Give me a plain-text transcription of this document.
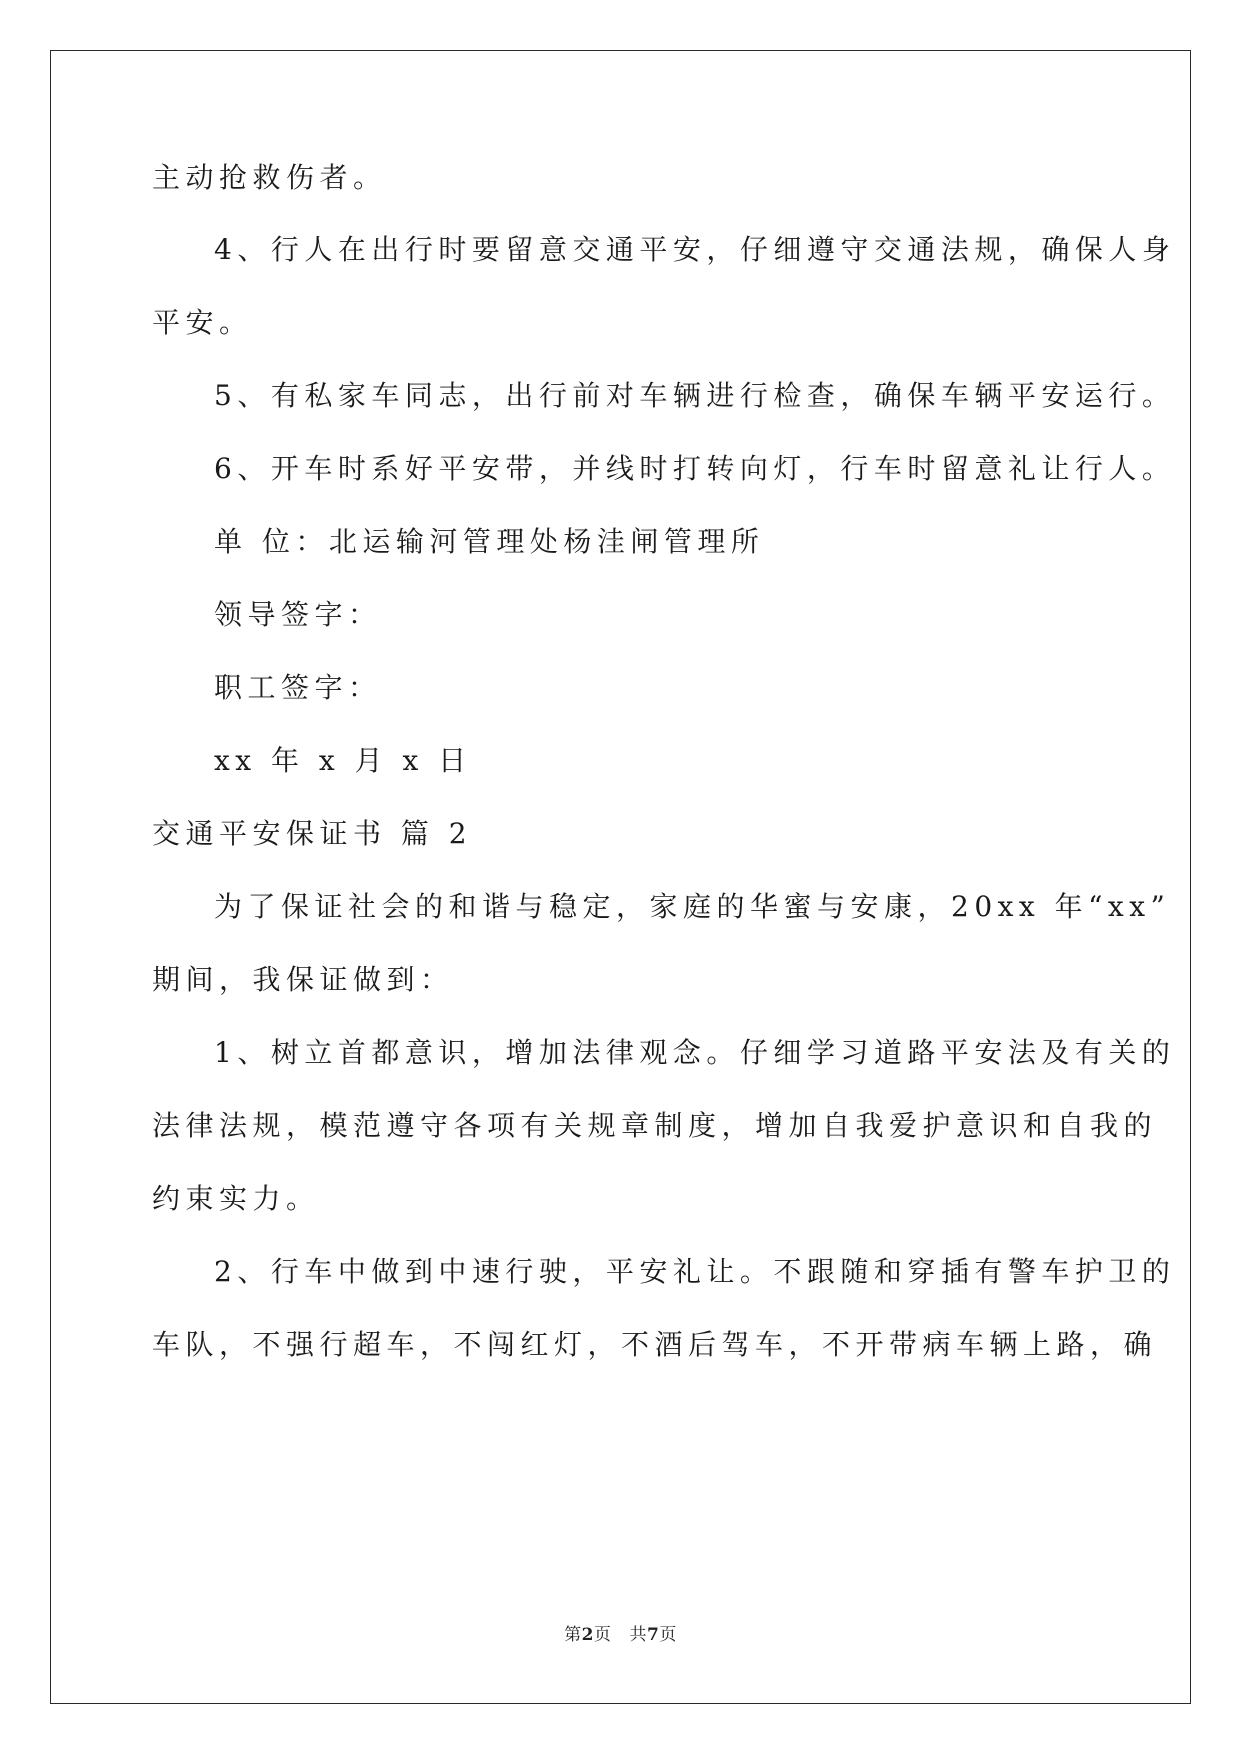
主动抢救伤者。
4、行人在出行时要留意交通平安，仔细遵守交通法规，确保人身
平安。
5、有私家车同志，出行前对车辆进行检查，确保车辆平安运行。
6、开车时系好平安带，并线时打转向灯，行车时留意礼让行人。
单 位：北运输河管理处杨洼闸管理所
领导签字：
职工签字：
xx 年 x 月 x 日
交通平安保证书 篇 2
为了保证社会的和谐与稳定，家庭的华蜜与安康，20xx 年“xx”
期间，我保证做到：
1、树立首都意识，增加法律观念。仔细学习道路平安法及有关的
法律法规，模范遵守各项有关规章制度，增加自我爱护意识和自我的
约束实力。
2、行车中做到中速行驶，平安礼让。不跟随和穿插有警车护卫的
车队，不强行超车，不闯红灯，不酒后驾车，不开带病车辆上路，确
第2页 共7页
